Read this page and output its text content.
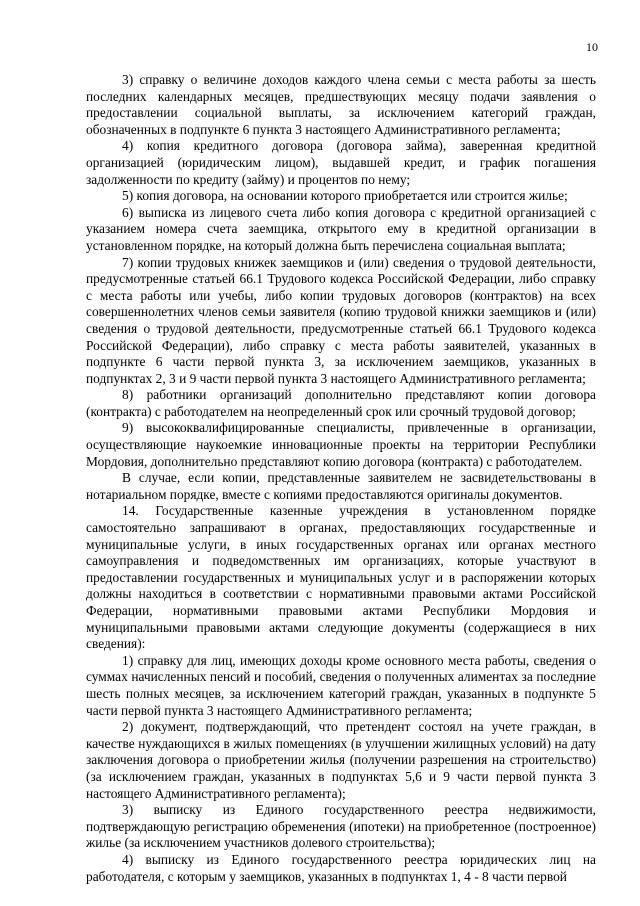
10

3) справку о величине доходов каждого члена семьи с места работы за шесть последних календарных месяцев, предшествующих месяцу подачи заявления о предоставлении социальной выплаты, за исключением категорий граждан, обозначенных в подпункте 6 пункта 3 настоящего Административного регламента;

4) копия кредитного договора (договора займа), заверенная кредитной организацией (юридическим лицом), выдавшей кредит, и график погашения задолженности по кредиту (займу) и процентов по нему;

5) копия договора, на основании которого приобретается или строится жилье;

6) выписка из лицевого счета либо копия договора с кредитной организацией с указанием номера счета заемщика, открытого ему в кредитной организации в установленном порядке, на который должна быть перечислена социальная выплата;

7) копии трудовых книжек заемщиков и (или) сведения о трудовой деятельности, предусмотренные статьей 66.1 Трудового кодекса Российской Федерации, либо справку с места работы или учебы, либо копии трудовых договоров (контрактов) на всех совершеннолетних членов семьи заявителя (копию трудовой книжки заемщиков и (или) сведения о трудовой деятельности, предусмотренные статьей 66.1 Трудового кодекса Российской Федерации), либо справку с места работы заявителей, указанных в подпункте 6 части первой пункта 3, за исключением заемщиков, указанных в подпунктах 2, 3 и 9 части первой пункта 3 настоящего Административного регламента;

8) работники организаций дополнительно представляют копии договора (контракта) с работодателем на неопределенный срок или срочный трудовой договор;

9) высококвалифицированные специалисты, привлеченные в организации, осуществляющие наукоемкие инновационные проекты на территории Республики Мордовия, дополнительно представляют копию договора (контракта) с работодателем.

В случае, если копии, представленные заявителем не засвидетельствованы в нотариальном порядке, вместе с копиями предоставляются оригиналы документов.

14. Государственные казенные учреждения в установленном порядке самостоятельно запрашивают в органах, предоставляющих государственные и муниципальные услуги, в иных государственных органах или органах местного самоуправления и подведомственных им организациях, которые участвуют в предоставлении государственных и муниципальных услуг и в распоряжении которых должны находиться в соответствии с нормативными правовыми актами Российской Федерации, нормативными правовыми актами Республики Мордовия и муниципальными правовыми актами следующие документы (содержащиеся в них сведения):

1) справку для лиц, имеющих доходы кроме основного места работы, сведения о суммах начисленных пенсий и пособий, сведения о полученных алиментах за последние шесть полных месяцев, за исключением категорий граждан, указанных в подпункте 5 части первой пункта 3 настоящего Административного регламента;

2) документ, подтверждающий, что претендент состоял на учете граждан, в качестве нуждающихся в жилых помещениях (в улучшении жилищных условий) на дату заключения договора о приобретении жилья (получении разрешения на строительство) (за исключением граждан, указанных в подпунктах 5,6 и 9 части первой пункта 3 настоящего Административного регламента);

3) выписку из Единого государственного реестра недвижимости, подтверждающую регистрацию обременения (ипотеки) на приобретенное (построенное) жилье (за исключением участников долевого строительства);

4) выписку из Единого государственного реестра юридических лиц на работодателя, с которым у заемщиков, указанных в подпунктах 1, 4 - 8 части первой
